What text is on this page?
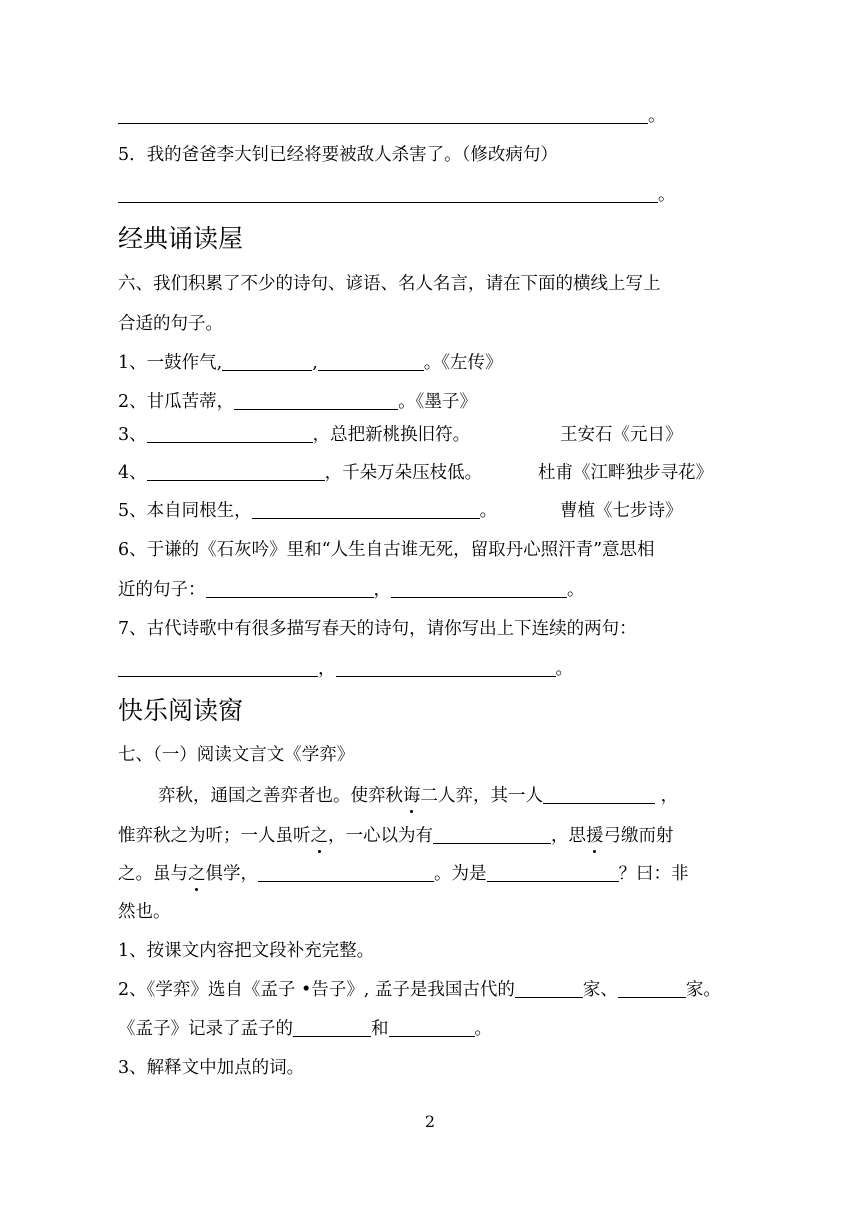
。
5．我的爸爸李大钊已经将要被敌人杀害了。（修改病句）
。
经典诵读屋
六、我们积累了不少的诗句、谚语、名人名言，请在下面的横线上写上
合适的句子。
1、一鼓作气,	,	。《左传》
2、甘瓜苦蒂，	。《墨子》
3、	，总把新桃换旧符。	王安石《元日》
4、	，千朵万朵压枝低。	杜甫《江畔独步寻花》
5、本自同根生，	。	曹植《七步诗》
6、于谦的《石灰吟》里和“人生自古谁无死，留取丹心照汗青”意思相
近的句子：	，	。
7、古代诗歌中有很多描写春天的诗句，请你写出上下连续的两句：
，	。
快乐阅读窗
七、（一）阅读文言文《学弈》
弈秋，通国之善弈者也。使弈秋诲二人弈，其一人	，
惟弈秋之为听；一人虽听之，一心以为有	，思援弓缴而射
之。虽与之俱学，	。为是	？曰：非
然也。
1、按课文内容把文段补充完整。
2、《学弈》选自《孟子 •告子》, 孟子是我国古代的	家、	家。
《孟子》记录了孟子的	和	。
3、解释文中加点的词。
2
